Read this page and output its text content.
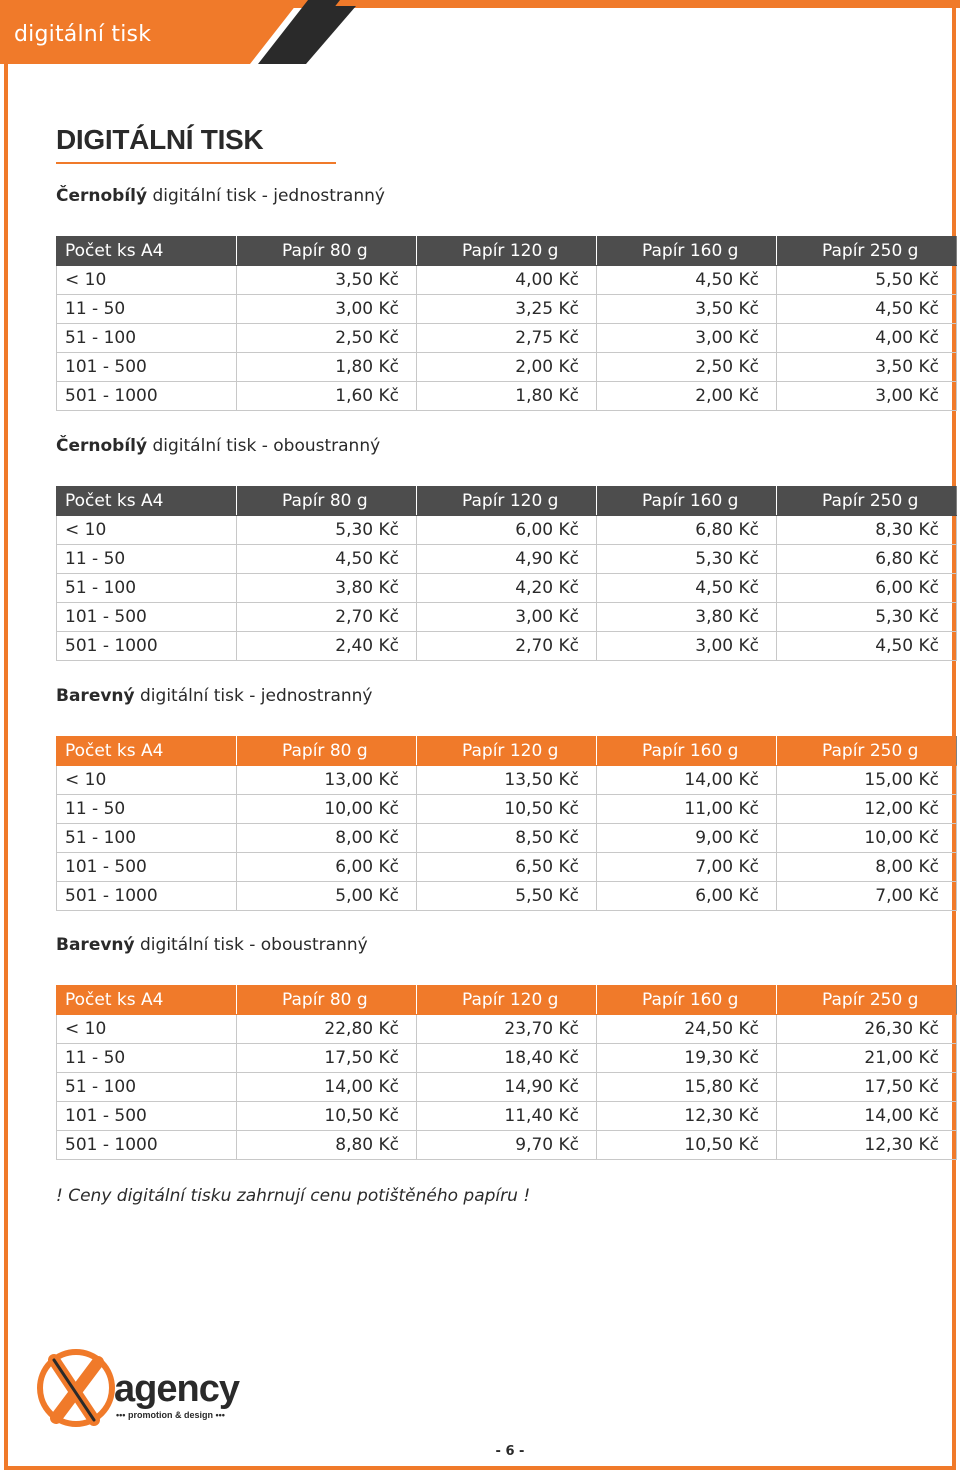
digitální tisk
DIGITÁLNÍ TISK
Černobílý digitální tisk - jednostranný
Počet ks A4	Papír 80 g	Papír 120 g	Papír 160 g	Papír 250 g
< 10	3,50 Kč	4,00 Kč	4,50 Kč	5,50 Kč
11 - 50	3,00 Kč	3,25 Kč	3,50 Kč	4,50 Kč
51 - 100	2,50 Kč	2,75 Kč	3,00 Kč	4,00 Kč
101 - 500	1,80 Kč	2,00 Kč	2,50 Kč	3,50 Kč
501 - 1000	1,60 Kč	1,80 Kč	2,00 Kč	3,00 Kč
Černobílý digitální tisk - oboustranný
Počet ks A4	Papír 80 g	Papír 120 g	Papír 160 g	Papír 250 g
< 10	5,30 Kč	6,00 Kč	6,80 Kč	8,30 Kč
11 - 50	4,50 Kč	4,90 Kč	5,30 Kč	6,80 Kč
51 - 100	3,80 Kč	4,20 Kč	4,50 Kč	6,00 Kč
101 - 500	2,70 Kč	3,00 Kč	3,80 Kč	5,30 Kč
501 - 1000	2,40 Kč	2,70 Kč	3,00 Kč	4,50 Kč
Barevný digitální tisk - jednostranný
Počet ks A4	Papír 80 g	Papír 120 g	Papír 160 g	Papír 250 g
< 10	13,00 Kč	13,50 Kč	14,00 Kč	15,00 Kč
11 - 50	10,00 Kč	10,50 Kč	11,00 Kč	12,00 Kč
51 - 100	8,00 Kč	8,50 Kč	9,00 Kč	10,00 Kč
101 - 500	6,00 Kč	6,50 Kč	7,00 Kč	8,00 Kč
501 - 1000	5,00 Kč	5,50 Kč	6,00 Kč	7,00 Kč
Barevný digitální tisk - oboustranný
Počet ks A4	Papír 80 g	Papír 120 g	Papír 160 g	Papír 250 g
< 10	22,80 Kč	23,70 Kč	24,50 Kč	26,30 Kč
11 - 50	17,50 Kč	18,40 Kč	19,30 Kč	21,00 Kč
51 - 100	14,00 Kč	14,90 Kč	15,80 Kč	17,50 Kč
101 - 500	10,50 Kč	11,40 Kč	12,30 Kč	14,00 Kč
501 - 1000	8,80 Kč	9,70 Kč	10,50 Kč	12,30 Kč
! Ceny digitální tisku zahrnují cenu potištěného papíru !
agency
••• promotion & design •••
- 6 -
